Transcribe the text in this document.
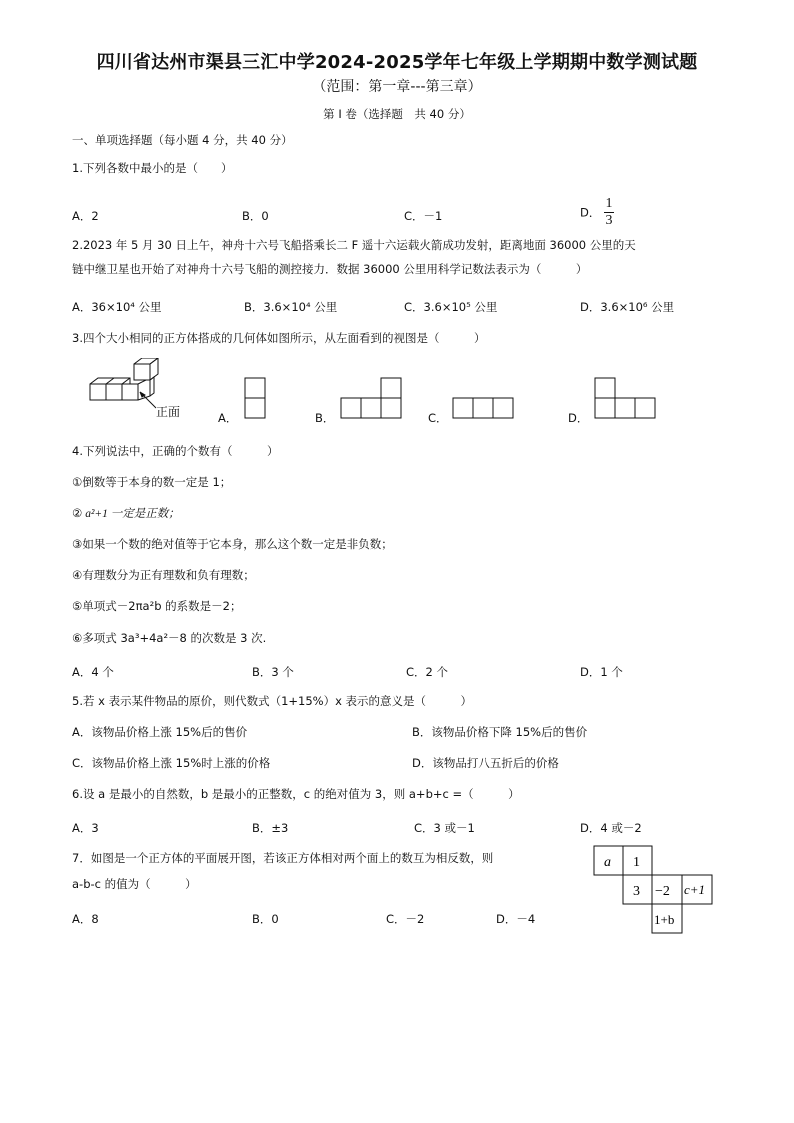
四川省达州市渠县三汇中学2024-2025学年七年级上学期期中数学测试题
（范围：第一章---第三章）
第 Ⅰ 卷（选择题　共 40 分）
一、单项选择题（每小题 4 分，共 40 分）
1.下列各数中最小的是（　　）
A．2	B．0	C．－1	D． $\frac{1}{3}$
2.2023 年 5 月 30 日上午，神舟十六号飞船搭乘长二 F 遥十六运载火箭成功发射，距离地面 36000 公里的天
链中继卫星也开始了对神舟十六号飞船的测控接力．数据 36000 公里用科学记数法表示为（　　　）
A．36×10⁴ 公里	B．3.6×10⁴ 公里	C．3.6×10⁵ 公里	D．3.6×10⁶ 公里
3.四个大小相同的正方体搭成的几何体如图所示，从左面看到的视图是（　　　）
正面	A．	B．	C．	D．
4.下列说法中，正确的个数有（　　　）
①倒数等于本身的数一定是 1；
② a²+1 一定是正数；
③如果一个数的绝对值等于它本身，那么这个数一定是非负数；
④有理数分为正有理数和负有理数；
⑤单项式－2πa²b 的系数是－2；
⑥多项式 3a³+4a²－8 的次数是 3 次.
A．4 个	B．3 个	C．2 个	D．1 个
5.若 x 表示某件物品的原价，则代数式（1+15%）x 表示的意义是（　　　）
A．该物品价格上涨 15%后的售价	B．该物品价格下降 15%后的售价
C．该物品价格上涨 15%时上涨的价格	D．该物品打八五折后的价格
6.设 a 是最小的自然数，b 是最小的正整数，c 的绝对值为 3，则 a+b+c =（　　　）
A．3	B．±3	C．3 或－1	D．4 或－2
7．如图是一个正方体的平面展开图，若该正方体相对两个面上的数互为相反数，则
a-b-c 的值为（　　　）
A．8	B．0	C．－2	D．－4
a 1
3 −2 c+1
1+b
